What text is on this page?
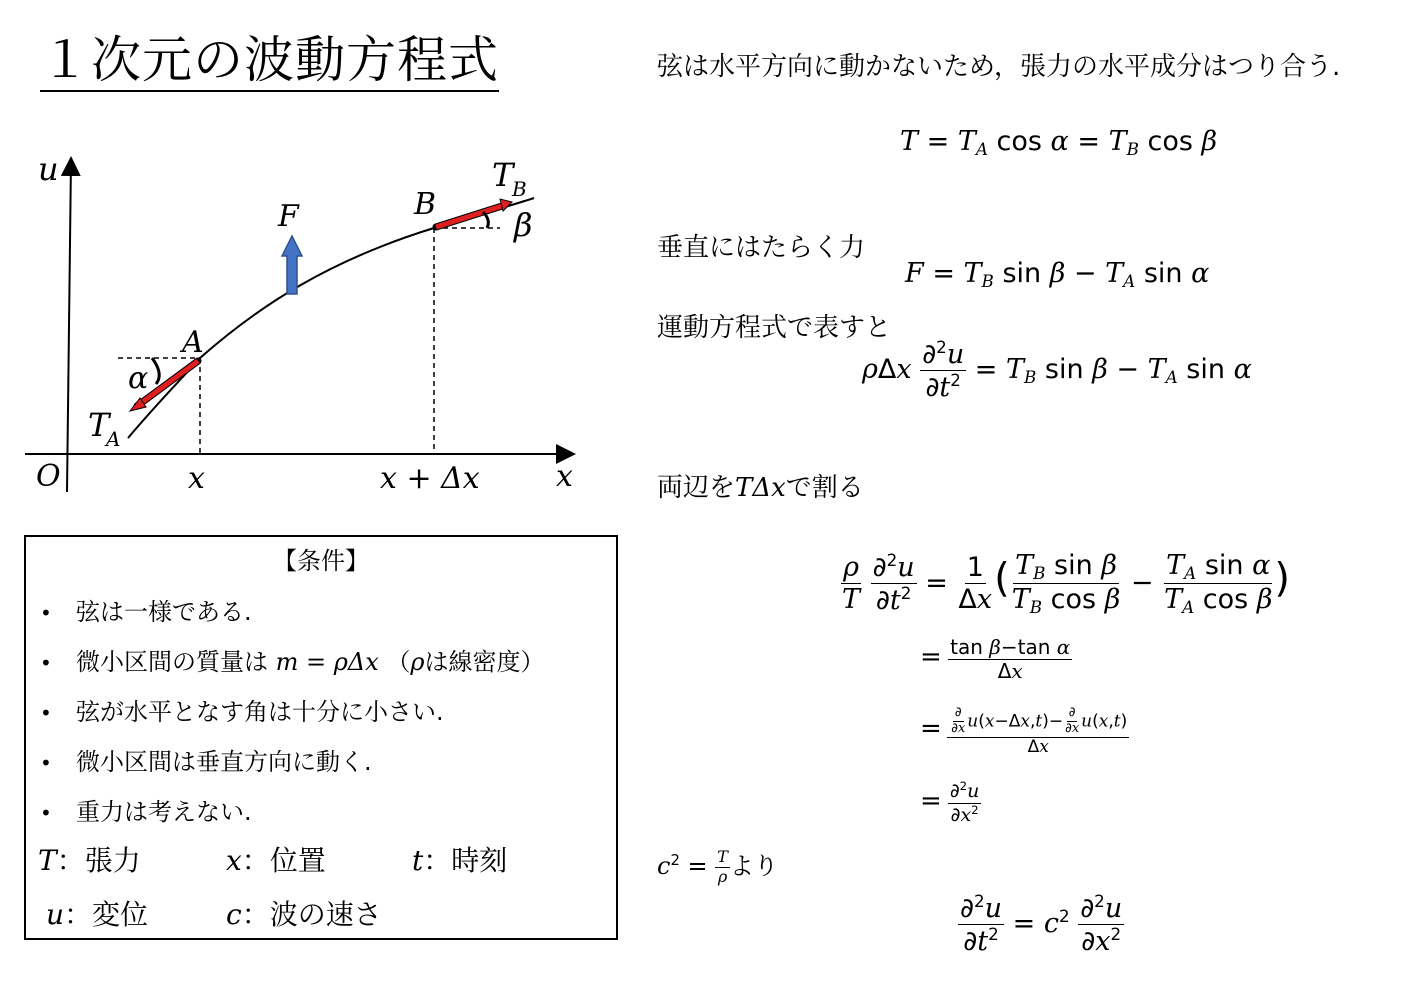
１次元の波動方程式
u
O	x
x	x + Δx
F
A
B
α
β
T
A
T
B
【条件】
• 弦は一様である.
• 微小区間の質量は m = ρΔx （ρは線密度）
• 弦が水平となす角は十分に小さい.
• 微小区間は垂直方向に動く.
• 重力は考えない.
T：張力	x：位置	t：時刻
u：変位	c：波の速さ
弦は水平方向に動かないため，張力の水平成分はつり合う.
$T = T_A$ $\cos \alpha = T_B$ cos β
垂直にはたらく力
$F = T_B$ $\sin \beta - T_A$ sin α
運動方程式で表すと
ρΔx $\frac{\partial^2u}{\partial t^2} = T_B$ $\sin \beta - T_A$ sin α
両辺をTΔxで割る
$\frac{\rho}{T}$
$\frac{\partial^2u}{\partial t^2} = \frac{1}{\Delta x}$ ( $\frac{T_B \sin \beta}{T_B \cos \beta} - \frac{T_A \sin \alpha}{T_A \cos \beta}$ )
= $\frac{\text{tan β−tan α}}{\Delta x}$
= $\frac{\frac{\partial}{\partial x} u(x-\Delta x,t)- \frac{\partial}{\partial x} u(x,t)}{\Delta x}$
= $\frac{\partial^2u}{\partial x^2}$
$c^2 = \frac{T}{\rho}$ より
$\frac{\partial^2u}{\partial t^2} = c^2 \frac{\partial^2u}{\partial x^2}$
